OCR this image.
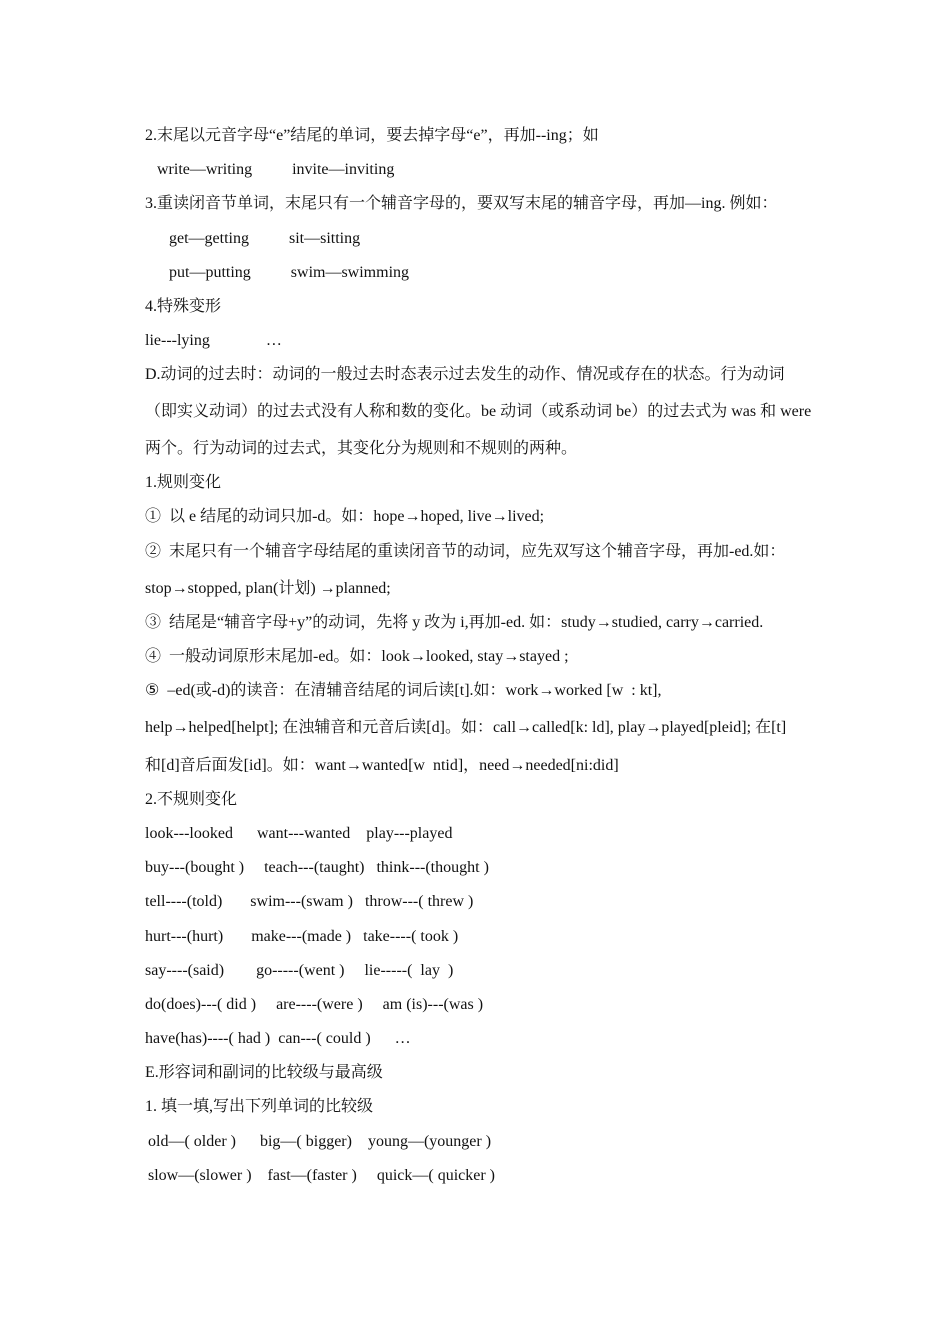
2.末尾以元音字母“e”结尾的单词，要去掉字母“e”，再加--ing；如
write—writing          invite—inviting
3.重读闭音节单词，末尾只有一个辅音字母的，要双写末尾的辅音字母，再加—ing. 例如：
get—getting          sit—sitting
put—putting          swim—swimming
4.特殊变形
lie---lying              …
D.动词的过去时：动词的一般过去时态表示过去发生的动作、情况或存在的状态。行为动词
（即实义动词）的过去式没有人称和数的变化。be 动词（或系动词 be）的过去式为 was 和 were
两个。行为动词的过去式，其变化分为规则和不规则的两种。
1.规则变化
①  以 e 结尾的动词只加-d。如：hope→hoped, live→lived;
②  末尾只有一个辅音字母结尾的重读闭音节的动词，应先双写这个辅音字母，再加-ed.如：
stop→stopped, plan(计划) →planned;
③  结尾是“辅音字母+y”的动词，先将 y 改为 i,再加-ed. 如：study→studied, carry→carried.
④  一般动词原形末尾加-ed。如：look→looked, stay→stayed ;
⑤  –ed(或-d)的读音：在清辅音结尾的词后读[t].如：work→worked [w  : kt],
help→helped[helpt]; 在浊辅音和元音后读[d]。如：call→called[k: ld], play→played[pleid]; 在[t]
和[d]音后面发[id]。如：want→wanted[w  ntid]，need→needed[ni:did]
2.不规则变化
look---looked      want---wanted    play---played
buy---(bought )     teach---(taught)   think---(thought )
tell----(told)       swim---(swam )   throw---( threw )
hurt---(hurt)       make---(made )   take----( took )
say----(said)        go-----(went )     lie-----(  lay  )
do(does)---( did )     are----(were )     am (is)---(was )
have(has)----( had )  can---( could )      …
E.形容词和副词的比较级与最高级
1. 填一填,写出下列单词的比较级
old—( older )      big—( bigger)    young—(younger )
slow—(slower )    fast—(faster )     quick—( quicker )
